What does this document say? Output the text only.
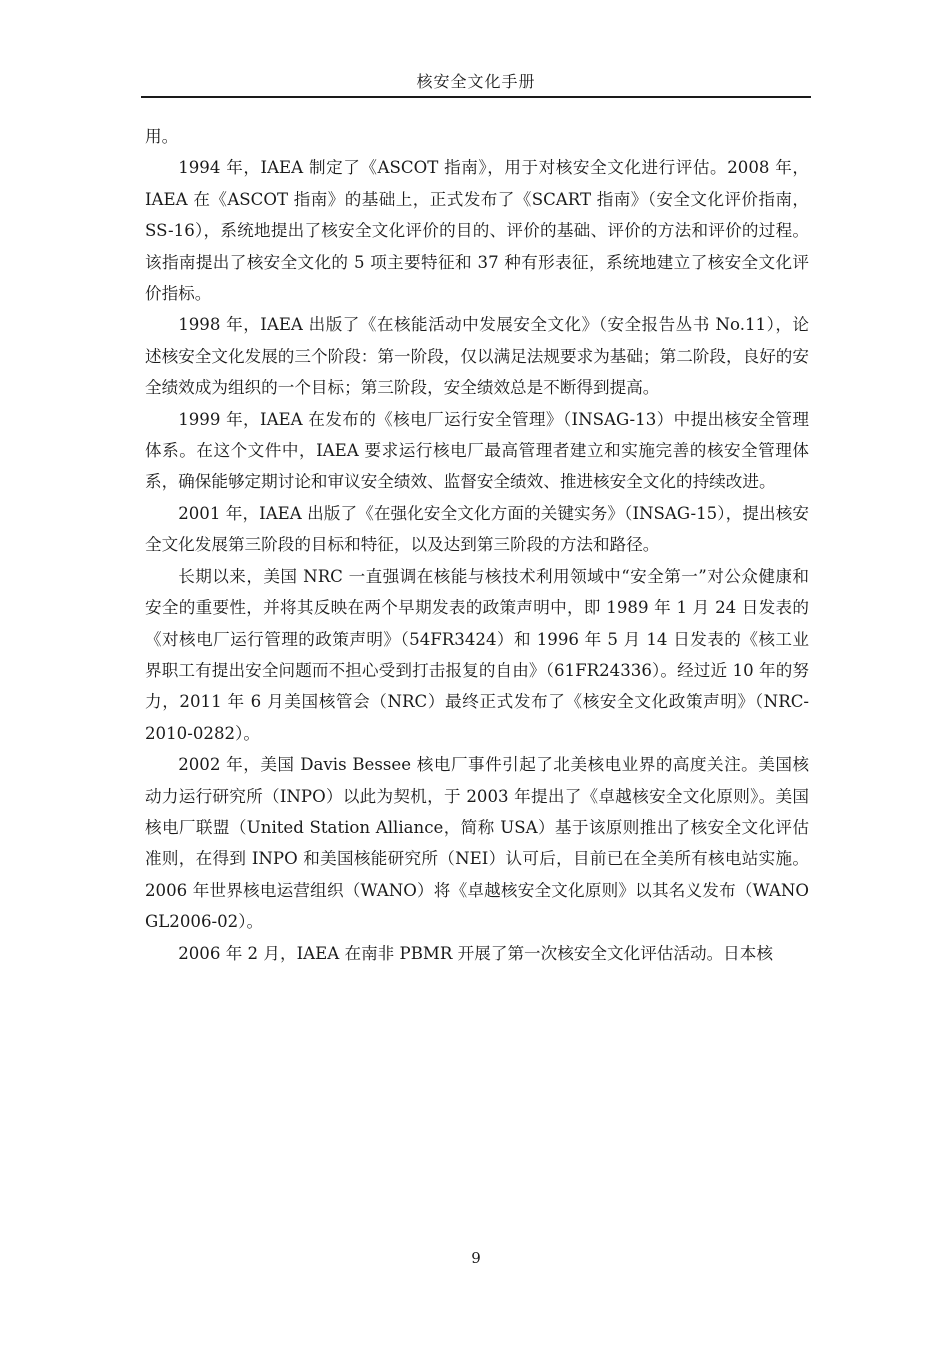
核安全文化手册

用。

1994 年，IAEA 制定了《ASCOT 指南》，用于对核安全文化进行评估。2008 年，IAEA 在《ASCOT 指南》的基础上，正式发布了《SCART 指南》（安全文化评价指南，SS-16），系统地提出了核安全文化评价的目的、评价的基础、评价的方法和评价的过程。该指南提出了核安全文化的 5 项主要特征和 37 种有形表征，系统地建立了核安全文化评价指标。

1998 年，IAEA 出版了《在核能活动中发展安全文化》（安全报告丛书 No.11），论述核安全文化发展的三个阶段：第一阶段，仅以满足法规要求为基础；第二阶段，良好的安全绩效成为组织的一个目标；第三阶段，安全绩效总是不断得到提高。

1999 年，IAEA 在发布的《核电厂运行安全管理》（INSAG-13）中提出核安全管理体系。在这个文件中，IAEA 要求运行核电厂最高管理者建立和实施完善的核安全管理体系，确保能够定期讨论和审议安全绩效、监督安全绩效、推进核安全文化的持续改进。

2001 年，IAEA 出版了《在强化安全文化方面的关键实务》（INSAG-15），提出核安全文化发展第三阶段的目标和特征，以及达到第三阶段的方法和路径。

长期以来，美国 NRC 一直强调在核能与核技术利用领域中“安全第一”对公众健康和安全的重要性，并将其反映在两个早期发表的政策声明中，即 1989 年 1 月 24 日发表的《对核电厂运行管理的政策声明》（54FR3424）和 1996 年 5 月 14 日发表的《核工业界职工有提出安全问题而不担心受到打击报复的自由》（61FR24336）。经过近 10 年的努力，2011 年 6 月美国核管会（NRC）最终正式发布了《核安全文化政策声明》（NRC-2010-0282）。

2002 年，美国 Davis Bessee 核电厂事件引起了北美核电业界的高度关注。美国核动力运行研究所（INPO）以此为契机，于 2003 年提出了《卓越核安全文化原则》。美国核电厂联盟（United Station Alliance，简称 USA）基于该原则推出了核安全文化评估准则，在得到 INPO 和美国核能研究所（NEI）认可后，目前已在全美所有核电站实施。2006 年世界核电运营组织（WANO）将《卓越核安全文化原则》以其名义发布（WANO GL2006-02）。

2006 年 2 月，IAEA 在南非 PBMR 开展了第一次核安全文化评估活动。日本核

9
